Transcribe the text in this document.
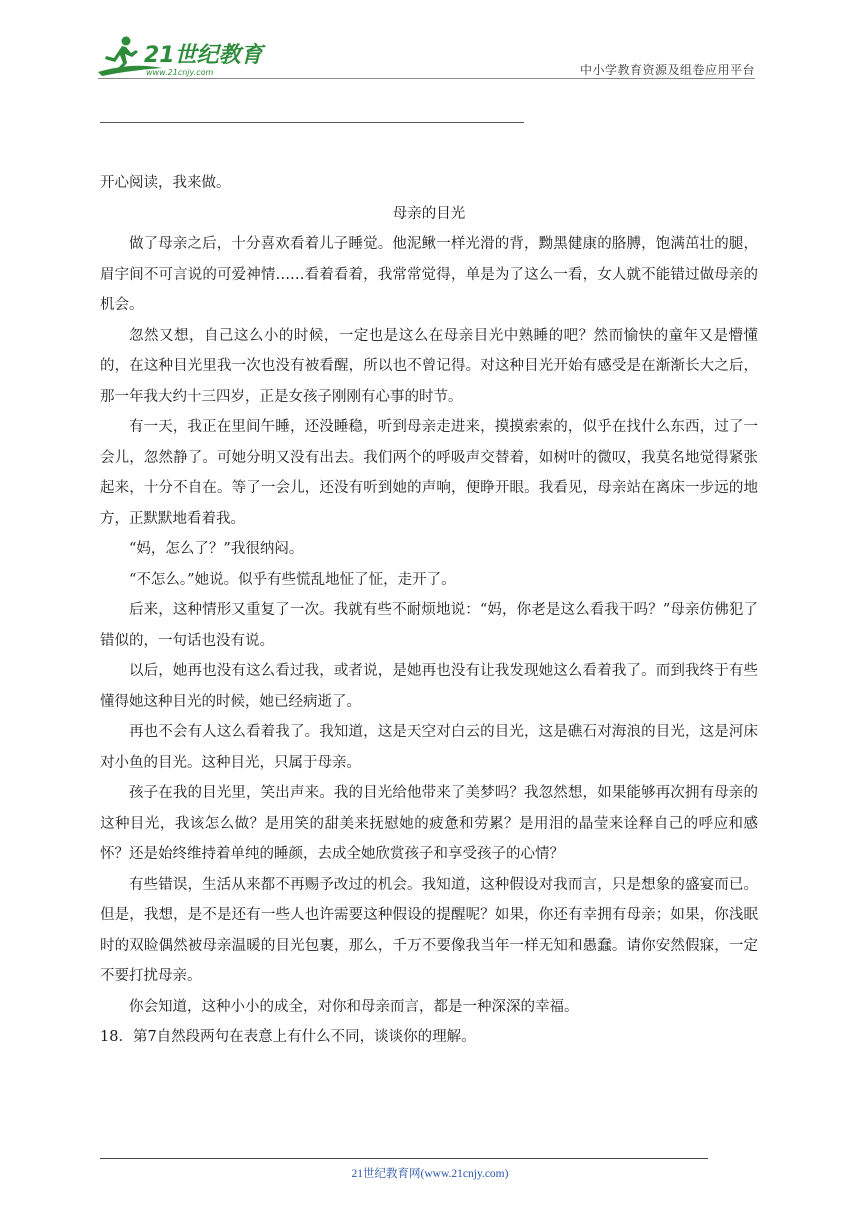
21世纪教育
www.21cnjy.com	中小学教育资源及组卷应用平台

开心阅读，我来做。

母亲的目光

做了母亲之后，十分喜欢看着儿子睡觉。他泥鳅一样光滑的背，黝黑健康的胳膊，饱满茁壮的腿，眉宇间不可言说的可爱神情……看着看着，我常常觉得，单是为了这么一看，女人就不能错过做母亲的机会。

忽然又想，自己这么小的时候，一定也是这么在母亲目光中熟睡的吧？然而愉快的童年又是懵懂的，在这种目光里我一次也没有被看醒，所以也不曾记得。对这种目光开始有感受是在渐渐长大之后，那一年我大约十三四岁，正是女孩子刚刚有心事的时节。

有一天，我正在里间午睡，还没睡稳，听到母亲走进来，摸摸索索的，似乎在找什么东西，过了一会儿，忽然静了。可她分明又没有出去。我们两个的呼吸声交替着，如树叶的微叹，我莫名地觉得紧张起来，十分不自在。等了一会儿，还没有听到她的声响，便睁开眼。我看见，母亲站在离床一步远的地方，正默默地看着我。

“妈，怎么了？”我很纳闷。

“不怎么。”她说。似乎有些慌乱地怔了怔，走开了。

后来，这种情形又重复了一次。我就有些不耐烦地说：“妈，你老是这么看我干吗？”母亲仿佛犯了错似的，一句话也没有说。

以后，她再也没有这么看过我，或者说，是她再也没有让我发现她这么看着我了。而到我终于有些懂得她这种目光的时候，她已经病逝了。

再也不会有人这么看着我了。我知道，这是天空对白云的目光，这是礁石对海浪的目光，这是河床对小鱼的目光。这种目光，只属于母亲。

孩子在我的目光里，笑出声来。我的目光给他带来了美梦吗？我忽然想，如果能够再次拥有母亲的这种目光，我该怎么做？是用笑的甜美来抚慰她的疲惫和劳累？是用泪的晶莹来诠释自己的呼应和感怀？还是始终维持着单纯的睡颜，去成全她欣赏孩子和享受孩子的心情？

有些错误，生活从来都不再赐予改过的机会。我知道，这种假设对我而言，只是想象的盛宴而已。但是，我想，是不是还有一些人也许需要这种假设的提醒呢？如果，你还有幸拥有母亲；如果，你浅眠时的双睑偶然被母亲温暖的目光包裹，那么，千万不要像我当年一样无知和愚蠢。请你安然假寐，一定不要打扰母亲。

你会知道，这种小小的成全，对你和母亲而言，都是一种深深的幸福。

18．第7自然段两句在表意上有什么不同，谈谈你的理解。

21世纪教育网(www.21cnjy.com)
